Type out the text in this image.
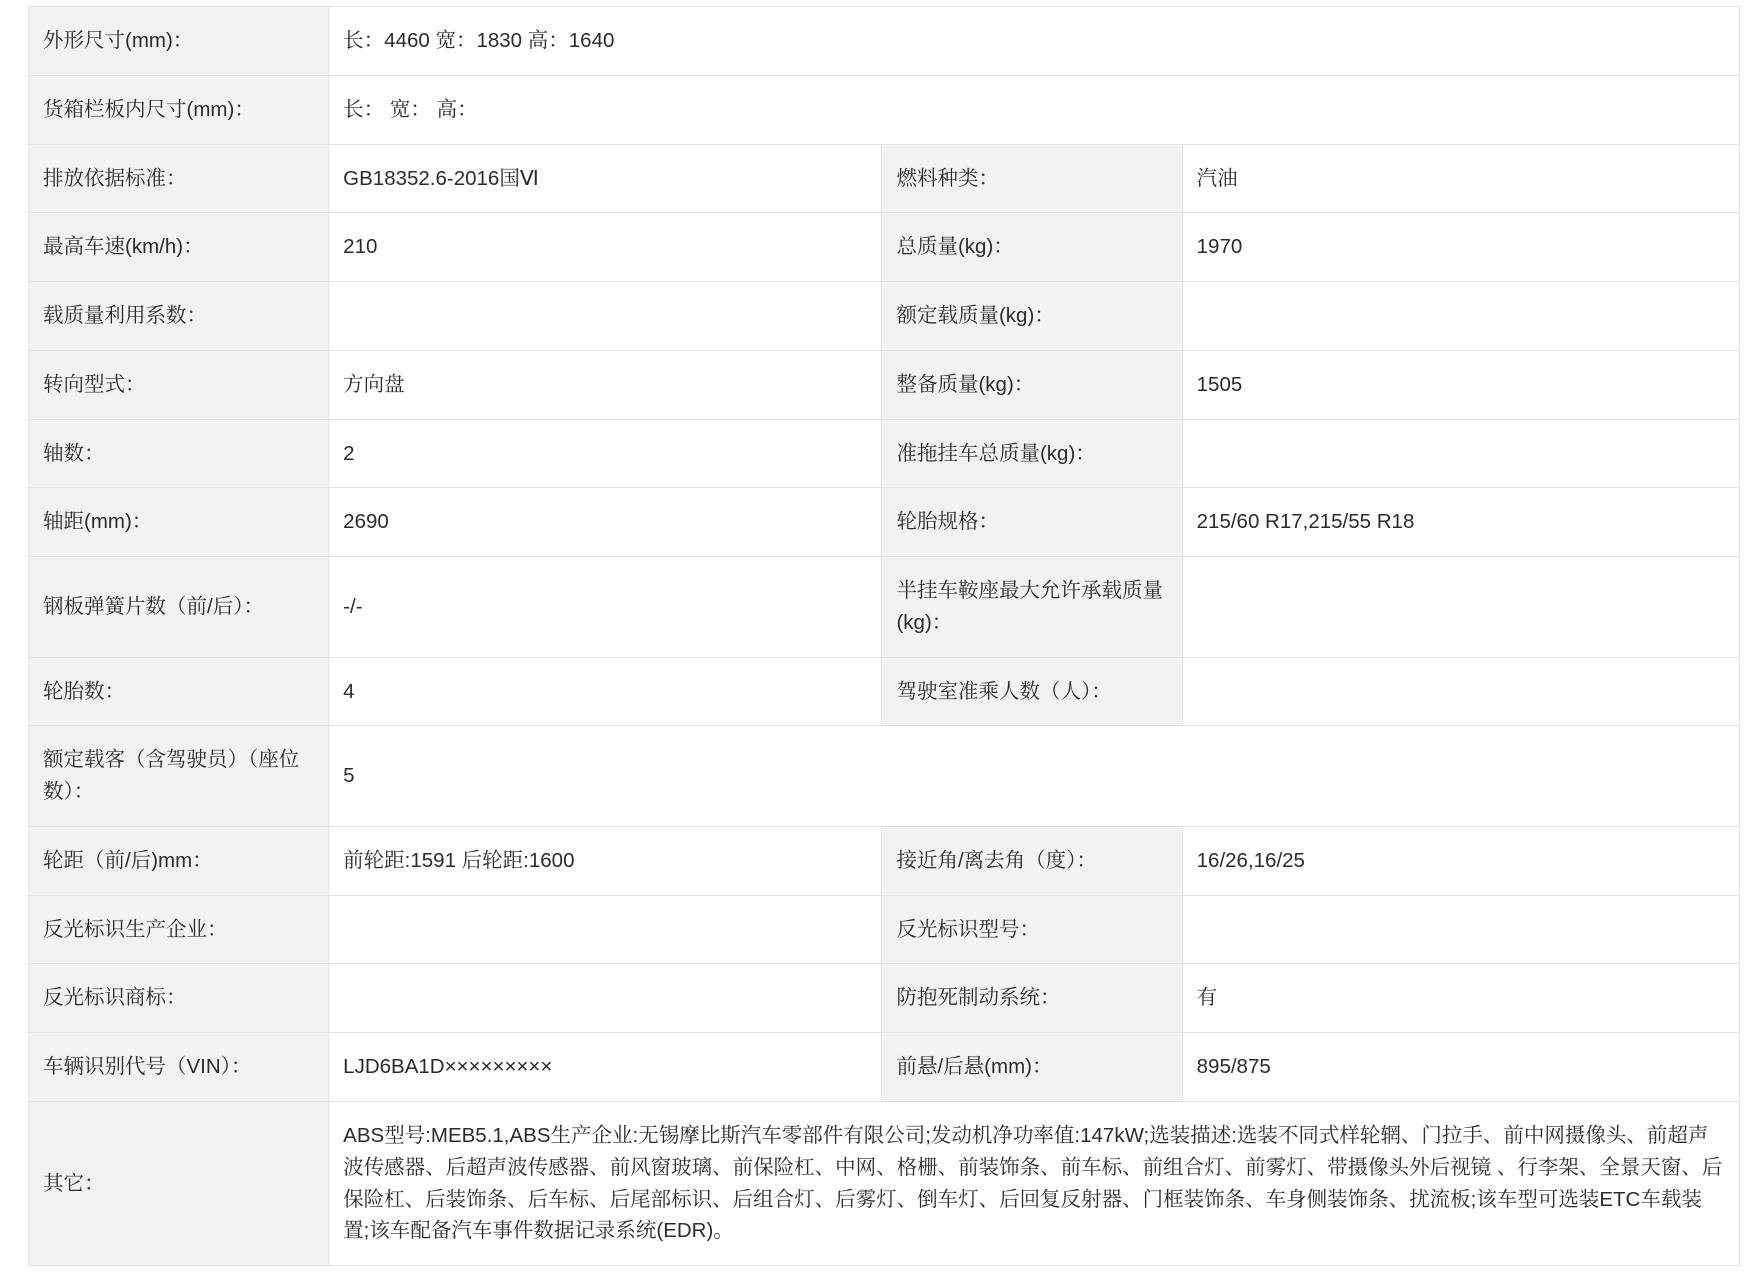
外形尺寸(mm)：	长：4460 宽：1830 高：1640		
货箱栏板内尺寸(mm)：	长： 宽： 高：		
排放依据标准：	GB18352.6-2016国Ⅵ	燃料种类：	汽油
最高车速(km/h)：	210	总质量(kg)：	1970
载质量利用系数：		额定载质量(kg)：	
转向型式：	方向盘	整备质量(kg)：	1505
轴数：	2	准拖挂车总质量(kg)：	
轴距(mm)：	2690	轮胎规格：	215/60 R17,215/55 R18
钢板弹簧片数（前/后）：	-/-	半挂车鞍座最大允许承载质量(kg)：	
轮胎数：	4	驾驶室准乘人数（人）：	
额定载客（含驾驶员）（座位数）：	5		
轮距（前/后)mm：	前轮距:1591 后轮距:1600	接近角/离去角（度）：	16/26,16/25
反光标识生产企业：		反光标识型号：	
反光标识商标：		防抱死制动系统：	有
车辆识别代号（VIN）：	LJD6BA1D×××××××××	前悬/后悬(mm)：	895/875
其它：	ABS型号:MEB5.1,ABS生产企业:无锡摩比斯汽车零部件有限公司;发动机净功率值:147kW;选装描述:选装不同式样轮辋、门拉手、前中网摄像头、前超声波传感器、后超声波传感器、前风窗玻璃、前保险杠、中网、格栅、前装饰条、前车标、前组合灯、前雾灯、带摄像头外后视镜 、行李架、全景天窗、后保险杠、后装饰条、后车标、后尾部标识、后组合灯、后雾灯、倒车灯、后回复反射器、门框装饰条、车身侧装饰条、扰流板;该车型可选装ETC车载装置;该车配备汽车事件数据记录系统(EDR)。		
